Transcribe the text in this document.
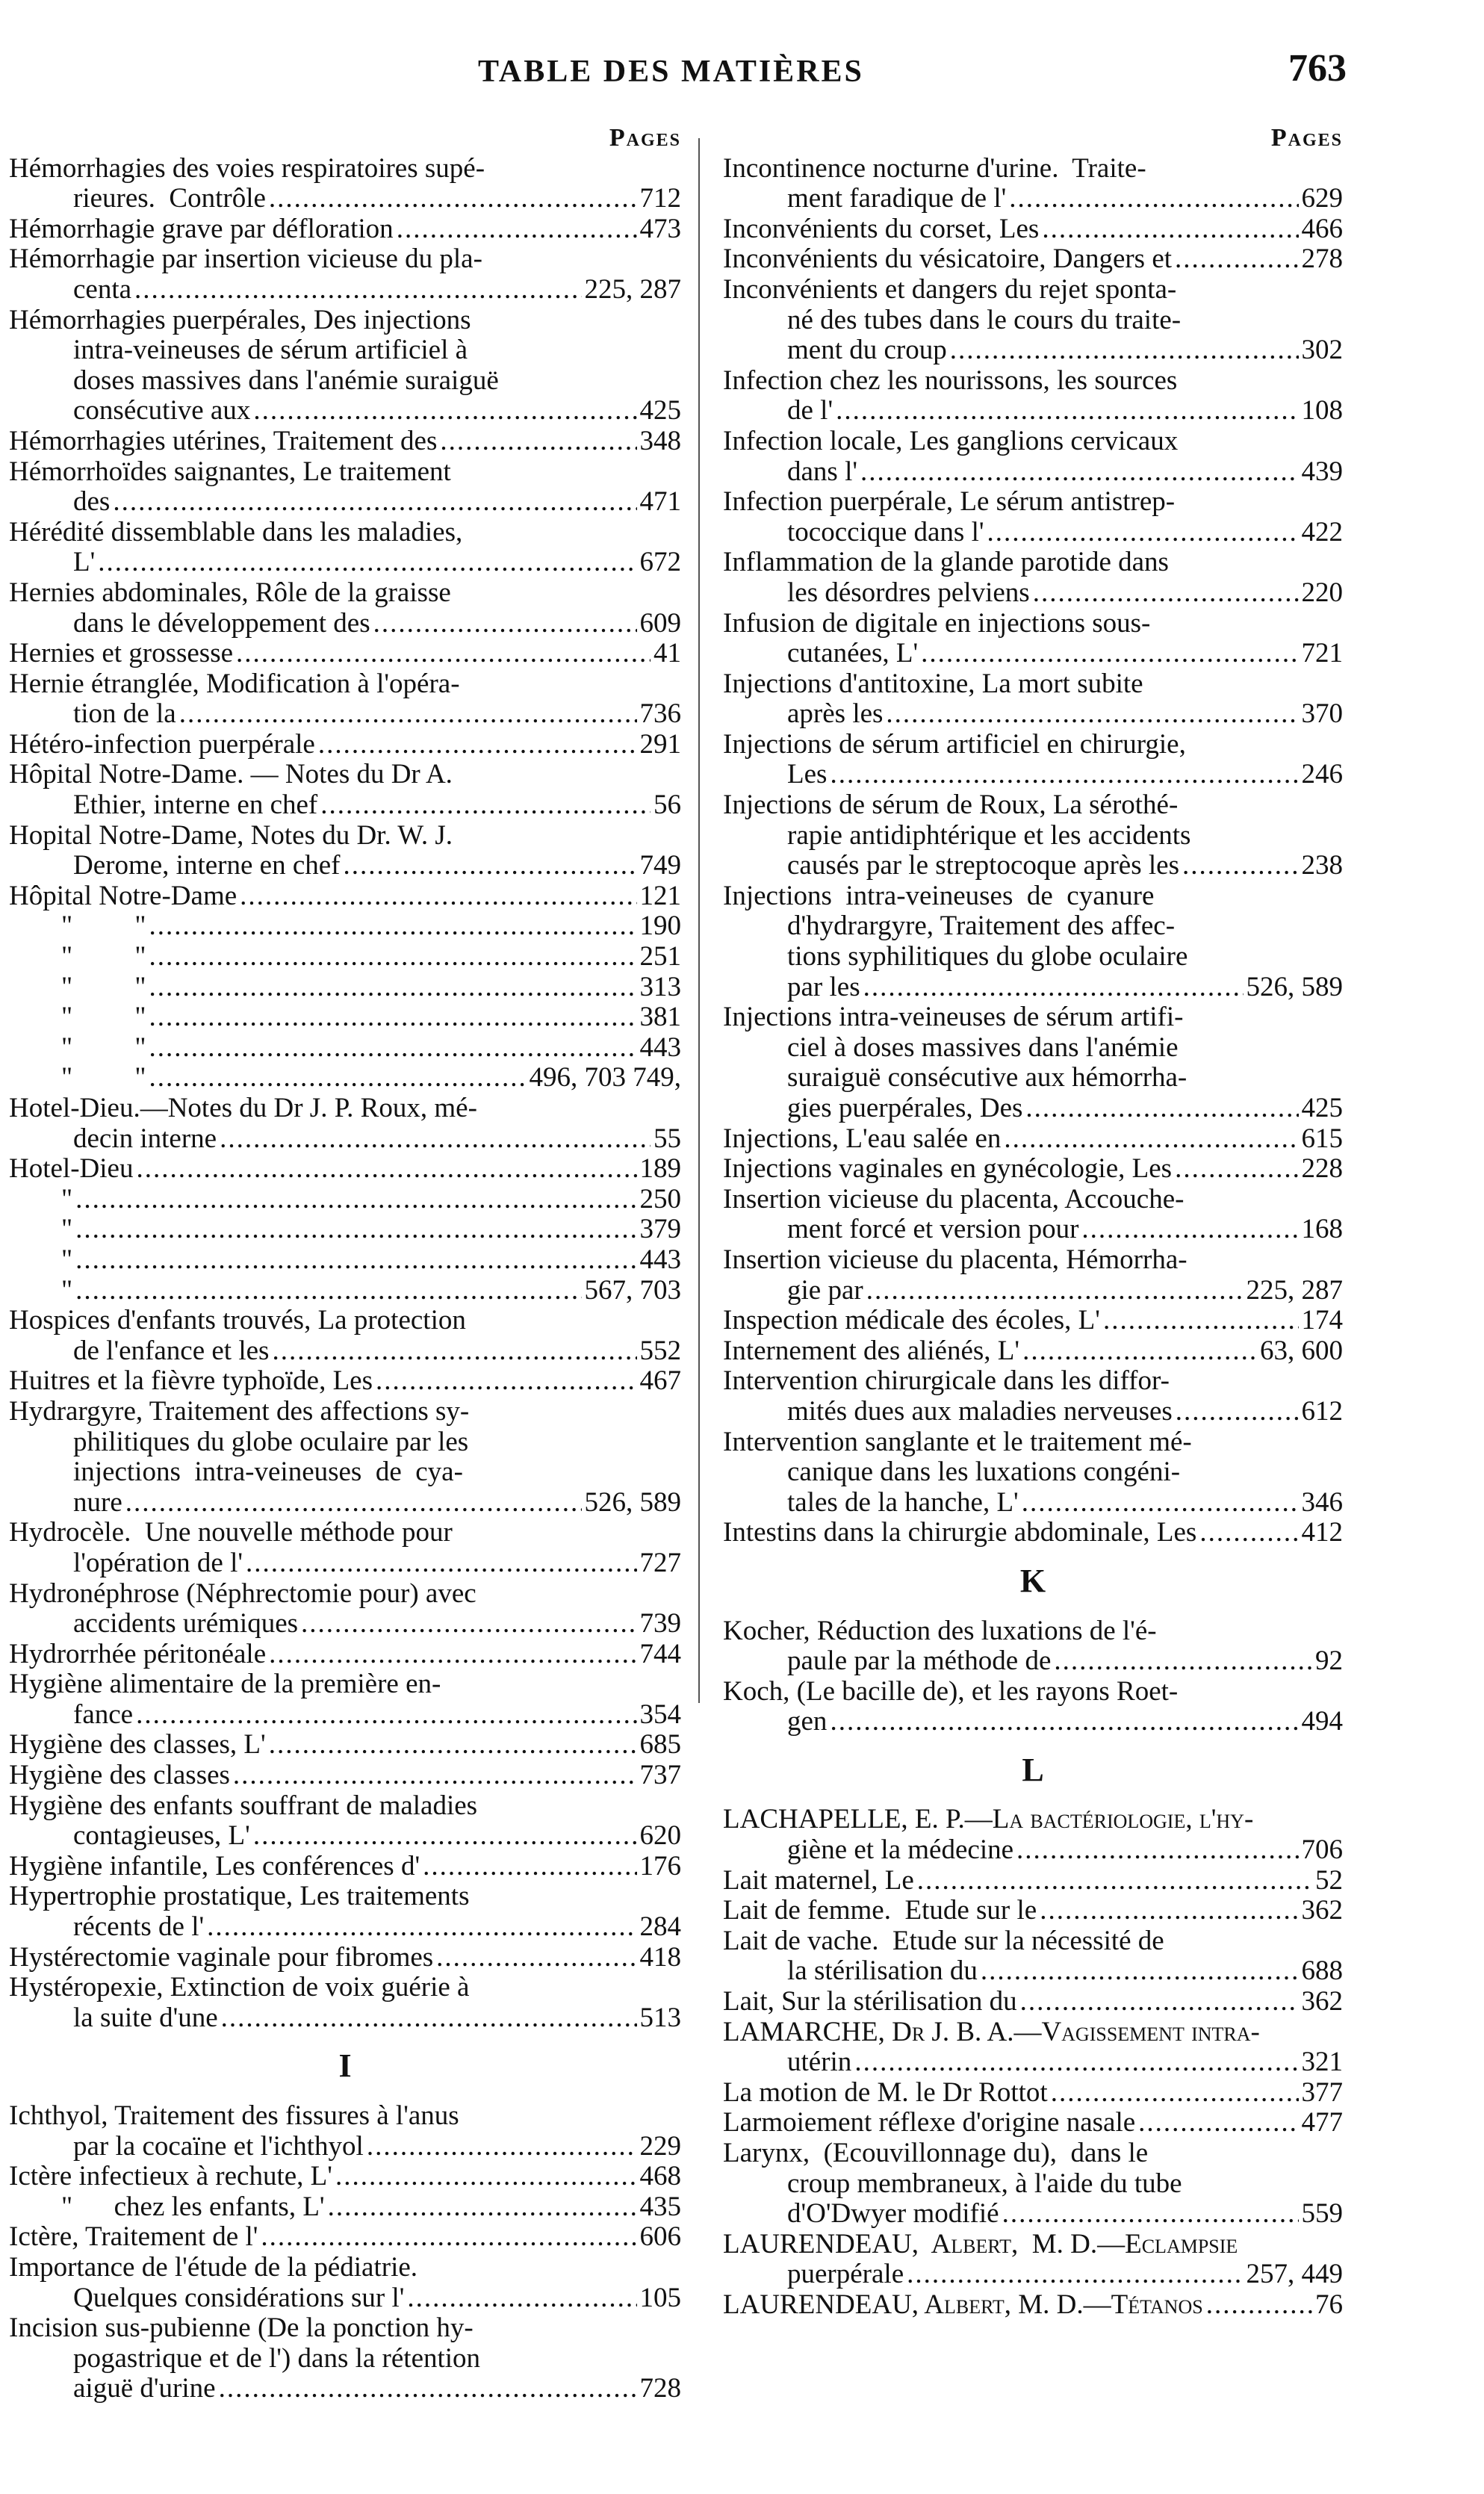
TABLE DES MATIÈRES	763
Pages
Hémorrhagies des voies respiratoires supé-
rieures.  Contrôle .....	712
Hémorrhagie grave par défloration .....	473
Hémorrhagie par insertion vicieuse du pla-
centa .....	225, 287
Hémorrhagies puerpérales, Des injections
intra-veineuses de sérum artificiel à
doses massives dans l'anémie suraiguë
consécutive aux .....	425
Hémorrhagies utérines, Traitement des .....	348
Hémorrhoïdes saignantes, Le traitement
des .....	471
Hérédité dissemblable dans les maladies,
L' .....	672
Hernies abdominales, Rôle de la graisse
dans le développement des .....	609
Hernies et grossesse .....	41
Hernie étranglée, Modification à l'opéra-
tion de la .....	736
Hétéro-infection puerpérale .....	291
Hôpital Notre-Dame. — Notes du Dr A.
Ethier, interne en chef .....	56
Hopital Notre-Dame, Notes du Dr. W. J.
Derome, interne en chef .....	749
Hôpital Notre-Dame .....	121
"         " .....	190
"         " .....	251
"         " .....	313
"         " .....	381
"         " .....	443
"         " .....	496, 703 749,
Hotel-Dieu.—Notes du Dr J. P. Roux, mé-
decin interne .....	55
Hotel-Dieu .....	189
" .....	250
" .....	379
" .....	443
" .....	567, 703
Hospices d'enfants trouvés, La protection
de l'enfance et les .....	552
Huitres et la fièvre typhoïde, Les .....	467
Hydrargyre, Traitement des affections sy-
philitiques du globe oculaire par les
injections  intra-veineuses  de  cya-
nure .....	526, 589
Hydrocèle.  Une nouvelle méthode pour
l'opération de l' .....	727
Hydronéphrose (Néphrectomie pour) avec
accidents urémiques .....	739
Hydrorrhée péritonéale .....	744
Hygiène alimentaire de la première en-
fance .....	354
Hygiène des classes, L' .....	685
Hygiène des classes .....	737
Hygiène des enfants souffrant de maladies
contagieuses, L' .....	620
Hygiène infantile, Les conférences d' .....	176
Hypertrophie prostatique, Les traitements
récents de l' .....	284
Hystérectomie vaginale pour fibromes .....	418
Hystéropexie, Extinction de voix guérie à
la suite d'une .....	513
I
Ichthyol, Traitement des fissures à l'anus
par la cocaïne et l'ichthyol .....	229
Ictère infectieux à rechute, L' .....	468
"      chez les enfants, L' .....	435
Ictère, Traitement de l' .....	606
Importance de l'étude de la pédiatrie.
Quelques considérations sur l' .....	105
Incision sus-pubienne (De la ponction hy-
pogastrique et de l') dans la rétention
aiguë d'urine .....	728
Pages
Incontinence nocturne d'urine.  Traite-
ment faradique de l' .....	629
Inconvénients du corset, Les .....	466
Inconvénients du vésicatoire, Dangers et .....	278
Inconvénients et dangers du rejet sponta-
né des tubes dans le cours du traite-
ment du croup .....	302
Infection chez les nourissons, les sources
de l' .....	108
Infection locale, Les ganglions cervicaux
dans l' .....	439
Infection puerpérale, Le sérum antistrep-
tococcique dans l' .....	422
Inflammation de la glande parotide dans
les désordres pelviens .....	220
Infusion de digitale en injections sous-
cutanées, L' .....	721
Injections d'antitoxine, La mort subite
après les .....	370
Injections de sérum artificiel en chirurgie,
Les .....	246
Injections de sérum de Roux, La sérothé-
rapie antidiphtérique et les accidents
causés par le streptocoque après les .....	238
Injections  intra-veineuses  de  cyanure
d'hydrargyre, Traitement des affec-
tions syphilitiques du globe oculaire
par les .....	526, 589
Injections intra-veineuses de sérum artifi-
ciel à doses massives dans l'anémie
suraiguë consécutive aux hémorrha-
gies puerpérales, Des .....	425
Injections, L'eau salée en .....	615
Injections vaginales en gynécologie, Les .....	228
Insertion vicieuse du placenta, Accouche-
ment forcé et version pour .....	168
Insertion vicieuse du placenta, Hémorrha-
gie par .....	225, 287
Inspection médicale des écoles, L' .....	174
Internement des aliénés, L' .....	63, 600
Intervention chirurgicale dans les diffor-
mités dues aux maladies nerveuses .....	612
Intervention sanglante et le traitement mé-
canique dans les luxations congéni-
tales de la hanche, L' .....	346
Intestins dans la chirurgie abdominale, Les .....	412
K
Kocher, Réduction des luxations de l'é-
paule par la méthode de .....	92
Koch, (Le bacille de), et les rayons Roet-
gen .....	494
L
LACHAPELLE, E. P.—La bactériologie, l'hy-
giène et la médecine .....	706
Lait maternel, Le .....	52
Lait de femme.  Etude sur le .....	362
Lait de vache.  Etude sur la nécessité de
la stérilisation du .....	688
Lait, Sur la stérilisation du .....	362
LAMARCHE, Dr J. B. A.—Vagissement intra-
utérin .....	321
La motion de M. le Dr Rottot .....	377
Larmoiement réflexe d'origine nasale .....	477
Larynx,  (Ecouvillonnage du),  dans le
croup membraneux, à l'aide du tube
d'O'Dwyer modifié .....	559
LAURENDEAU,  Albert,  M. D.—Eclampsie
puerpérale .....	257, 449
LAURENDEAU, Albert, M. D.—Tétanos .....	76
